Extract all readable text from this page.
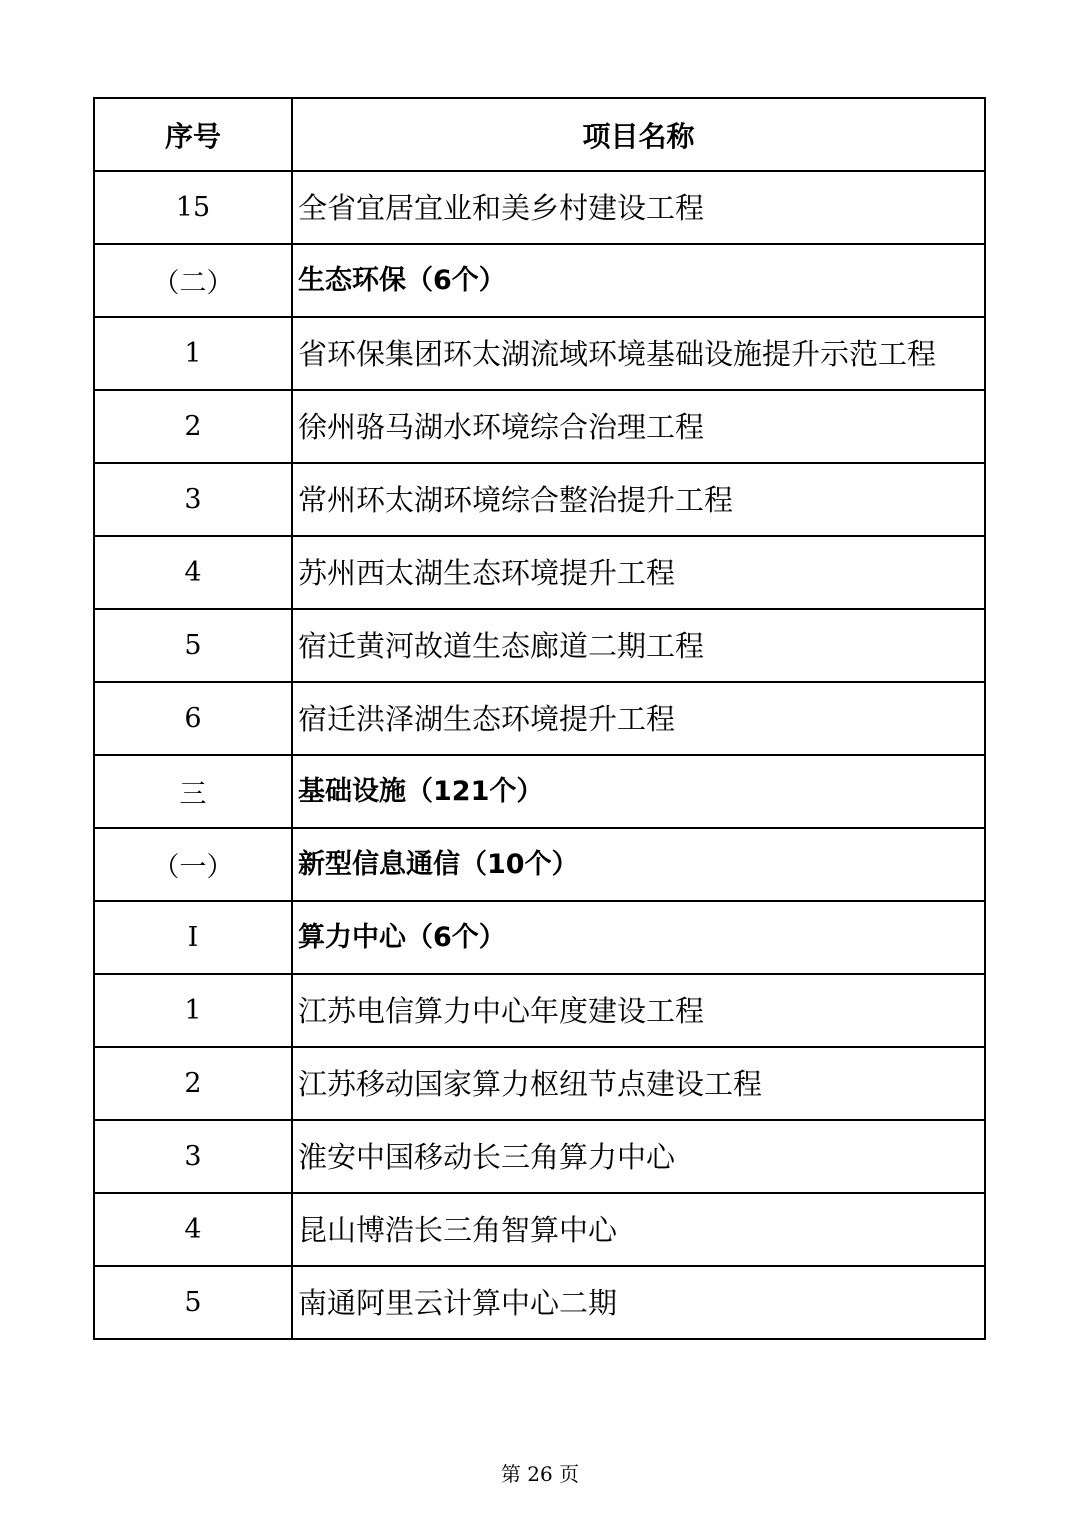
序号	项目名称
15	全省宜居宜业和美乡村建设工程
（二）	生态环保（6个）
1	省环保集团环太湖流域环境基础设施提升示范工程
2	徐州骆马湖水环境综合治理工程
3	常州环太湖环境综合整治提升工程
4	苏州西太湖生态环境提升工程
5	宿迁黄河故道生态廊道二期工程
6	宿迁洪泽湖生态环境提升工程
三	基础设施（121个）
（一）	新型信息通信（10个）
Ⅰ	算力中心（6个）
1	江苏电信算力中心年度建设工程
2	江苏移动国家算力枢纽节点建设工程
3	淮安中国移动长三角算力中心
4	昆山博浩长三角智算中心
5	南通阿里云计算中心二期
第 26 页
